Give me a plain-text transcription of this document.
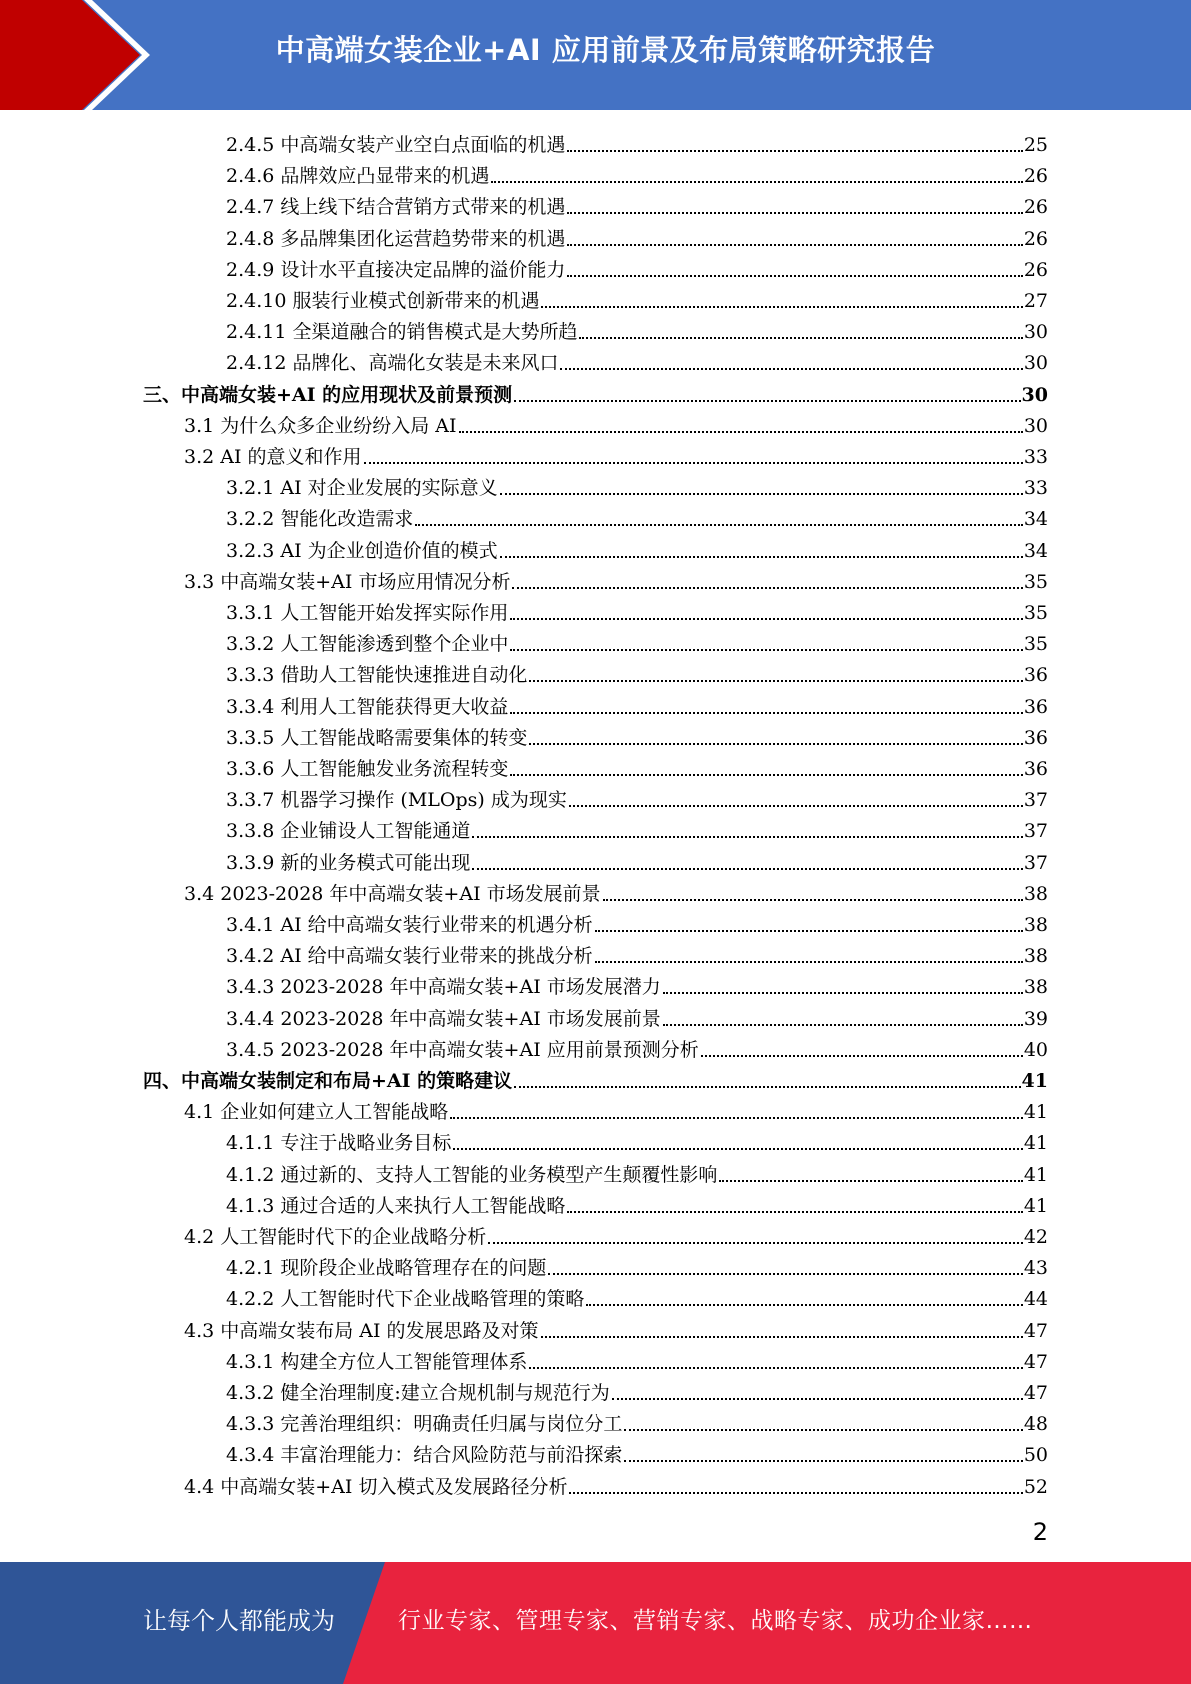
中高端女装企业+AI 应用前景及布局策略研究报告
2.4.5 中高端女装产业空白点面临的机遇	25
2.4.6 品牌效应凸显带来的机遇	26
2.4.7 线上线下结合营销方式带来的机遇	26
2.4.8 多品牌集团化运营趋势带来的机遇	26
2.4.9 设计水平直接决定品牌的溢价能力	26
2.4.10 服装行业模式创新带来的机遇	27
2.4.11 全渠道融合的销售模式是大势所趋	30
2.4.12 品牌化、高端化女装是未来风口	30
三、中高端女装+AI 的应用现状及前景预测	30
3.1 为什么众多企业纷纷入局 AI	30
3.2 AI 的意义和作用	33
3.2.1 AI 对企业发展的实际意义	33
3.2.2 智能化改造需求	34
3.2.3 AI 为企业创造价值的模式	34
3.3 中高端女装+AI 市场应用情况分析	35
3.3.1 人工智能开始发挥实际作用	35
3.3.2 人工智能渗透到整个企业中	35
3.3.3 借助人工智能快速推进自动化	36
3.3.4 利用人工智能获得更大收益	36
3.3.5 人工智能战略需要集体的转变	36
3.3.6 人工智能触发业务流程转变	36
3.3.7 机器学习操作 (MLOps) 成为现实	37
3.3.8 企业铺设人工智能通道	37
3.3.9 新的业务模式可能出现	37
3.4 2023-2028 年中高端女装+AI 市场发展前景	38
3.4.1 AI 给中高端女装行业带来的机遇分析	38
3.4.2 AI 给中高端女装行业带来的挑战分析	38
3.4.3 2023-2028 年中高端女装+AI 市场发展潜力	38
3.4.4 2023-2028 年中高端女装+AI 市场发展前景	39
3.4.5 2023-2028 年中高端女装+AI 应用前景预测分析	40
四、中高端女装制定和布局+AI 的策略建议	41
4.1 企业如何建立人工智能战略	41
4.1.1 专注于战略业务目标	41
4.1.2 通过新的、支持人工智能的业务模型产生颠覆性影响	41
4.1.3 通过合适的人来执行人工智能战略	41
4.2 人工智能时代下的企业战略分析	42
4.2.1 现阶段企业战略管理存在的问题	43
4.2.2 人工智能时代下企业战略管理的策略	44
4.3 中高端女装布局 AI 的发展思路及对策	47
4.3.1 构建全方位人工智能管理体系	47
4.3.2 健全治理制度:建立合规机制与规范行为	47
4.3.3 完善治理组织：明确责任归属与岗位分工	48
4.3.4 丰富治理能力：结合风险防范与前沿探索	50
4.4 中高端女装+AI 切入模式及发展路径分析	52
2
让每个人都能成为	行业专家、管理专家、营销专家、战略专家、成功企业家……
